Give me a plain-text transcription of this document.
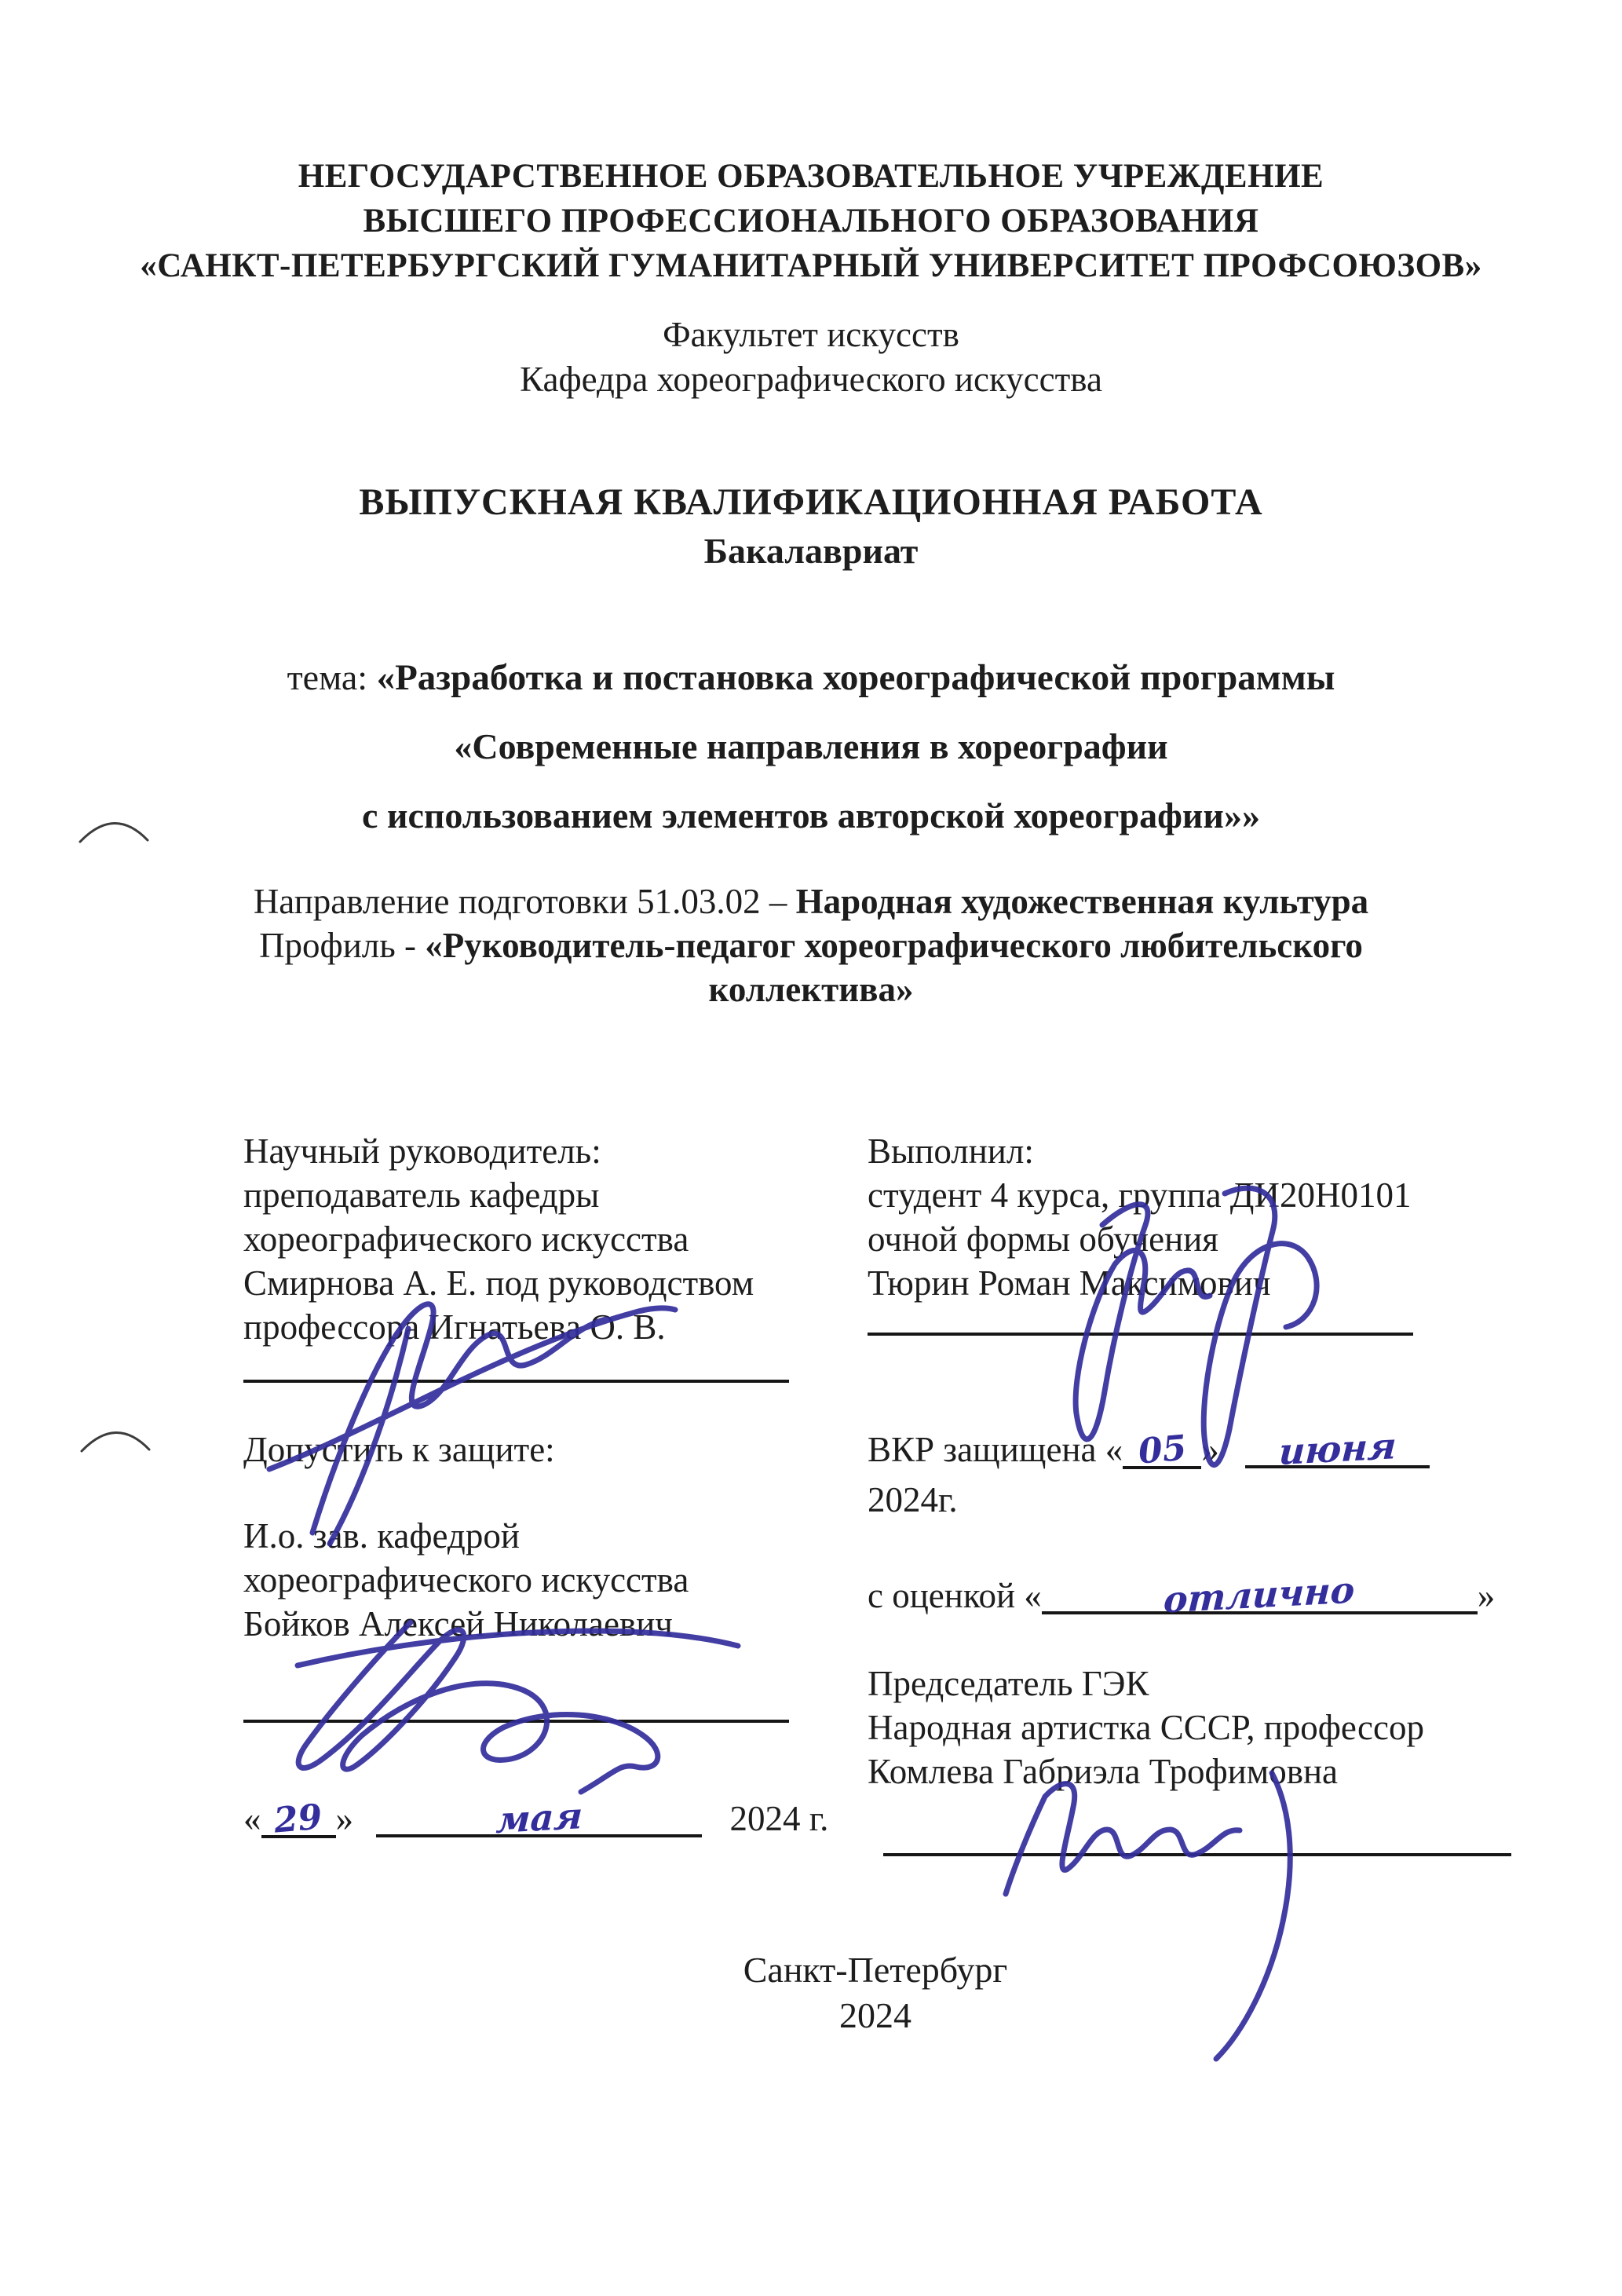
НЕГОСУДАРСТВЕННОЕ ОБРАЗОВАТЕЛЬНОЕ УЧРЕЖДЕНИЕ
ВЫСШЕГО ПРОФЕССИОНАЛЬНОГО ОБРАЗОВАНИЯ
«САНКТ-ПЕТЕРБУРГСКИЙ ГУМАНИТАРНЫЙ УНИВЕРСИТЕТ ПРОФСОЮЗОВ»
Факультет искусств
Кафедра хореографического искусства
ВЫПУСКНАЯ КВАЛИФИКАЦИОННАЯ РАБОТА
Бакалавриат
тема: «Разработка и постановка хореографической программы
«Современные направления в хореографии
с использованием элементов авторской хореографии»»
Направление подготовки 51.03.02 – Народная художественная культура
Профиль - «Руководитель-педагог хореографического любительского
коллектива»
Научный руководитель:
преподаватель кафедры
хореографического искусства
Смирнова А. Е. под руководством
профессора Игнатьева О. В.
Выполнил:
студент 4 курса, группа ДИ20Н0101
очной формы обучения
Тюрин Роман Максимович
Допустить к защите:
И.о. зав. кафедрой
хореографического искусства
Бойков Алексей Николаевич
« 29 »	мая	2024 г.
ВКР защищена « 05 » июня
2024г.
с оценкой «	отлично	»
Председатель ГЭК
Народная артистка СССР, профессор
Комлева Габриэла Трофимовна
Санкт-Петербург
2024
